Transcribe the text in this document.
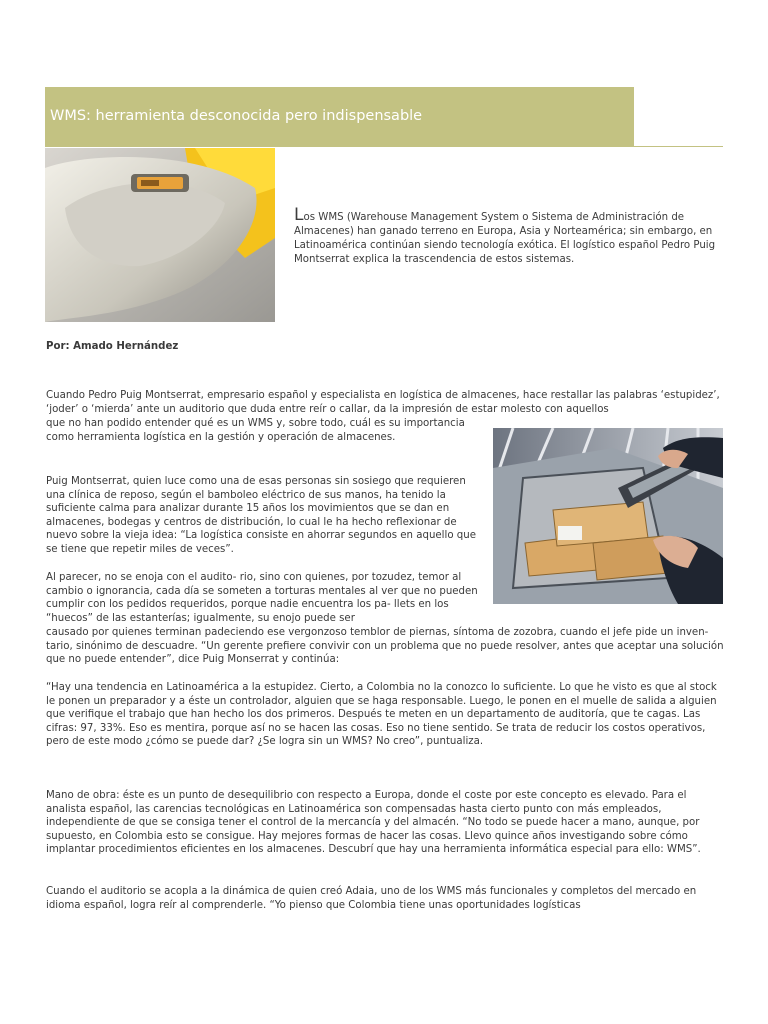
WMS: herramienta desconocida pero indispensable
Los WMS (Warehouse Management System o Sistema de Administración de Almacenes) han ganado terreno en Europa, Asia y Norteamérica; sin embargo, en Latinoamérica continúan siendo tecnología exótica. El logístico español Pedro Puig Montserrat explica la trascendencia de estos sistemas.
Por: Amado Hernández

Cuando Pedro Puig Montserrat, empresario español y especialista en logística de almacenes, hace restallar las palabras ‘estupidez’, ‘joder’ o ‘mierda’ ante un auditorio que duda entre reír o callar, da la impresión de estar molesto con aquellos

que no han podido entender qué es un WMS y, sobre todo, cuál es su importancia como herramienta logística en la gestión y operación de almacenes.

Puig Montserrat, quien luce como una de esas personas sin sosiego que requieren una clínica de reposo, según el bamboleo eléctrico de sus manos, ha tenido la suficiente calma para analizar durante 15 años los movimientos que se dan en almacenes, bodegas y centros de distribución, lo cual le ha hecho reflexionar de nuevo sobre la vieja idea: “La logística consiste en ahorrar segundos en aquello que se tiene que repetir miles de veces”.

Al parecer, no se enoja con el audito- rio, sino con quienes, por tozudez, temor al cambio o ignorancia, cada día se someten a torturas mentales al ver que no pueden cumplir con los pedidos requeridos, porque nadie encuentra los pa- llets en los “huecos” de las estanterías; igualmente, su enojo puede ser

causado por quienes terminan padeciendo ese vergonzoso temblor de piernas, síntoma de zozobra, cuando el jefe pide un inven- tario, sinónimo de descuadre. “Un gerente prefiere convivir con un problema que no puede resolver, antes que aceptar una solución que no puede entender”, dice Puig Monserrat y continúa:

“Hay una tendencia en Latinoamérica a la estupidez. Cierto, a Colombia no la conozco lo suficiente. Lo que he visto es que al stock le ponen un preparador y a éste un controlador, alguien que se haga responsable. Luego, le ponen en el muelle de salida a alguien que verifique el trabajo que han hecho los dos primeros. Después te meten en un departamento de auditoría, que te cagas. Las cifras: 97, 33%. Eso es mentira, porque así no se hacen las cosas. Eso no tiene sentido. Se trata de reducir los costos operativos, pero de este modo ¿cómo se puede dar? ¿Se logra sin un WMS? No creo”, puntualiza.

Mano de obra: éste es un punto de desequilibrio con respecto a Europa, donde el coste por este concepto es elevado. Para el analista español, las carencias tecnológicas en Latinoamérica son compensadas hasta cierto punto con más empleados, independiente de que se consiga tener el control de la mercancía y del almacén. “No todo se puede hacer a mano, aunque, por supuesto, en Colombia esto se consigue. Hay mejores formas de hacer las cosas. Llevo quince años investigando sobre cómo implantar procedimientos eficientes en los almacenes. Descubrí que hay una herramienta informática especial para ello: WMS”.

Cuando el auditorio se acopla a la dinámica de quien creó Adaia, uno de los WMS más funcionales y completos del mercado en idioma español, logra reír al comprenderle. “Yo pienso que Colombia tiene unas oportunidades logísticas
